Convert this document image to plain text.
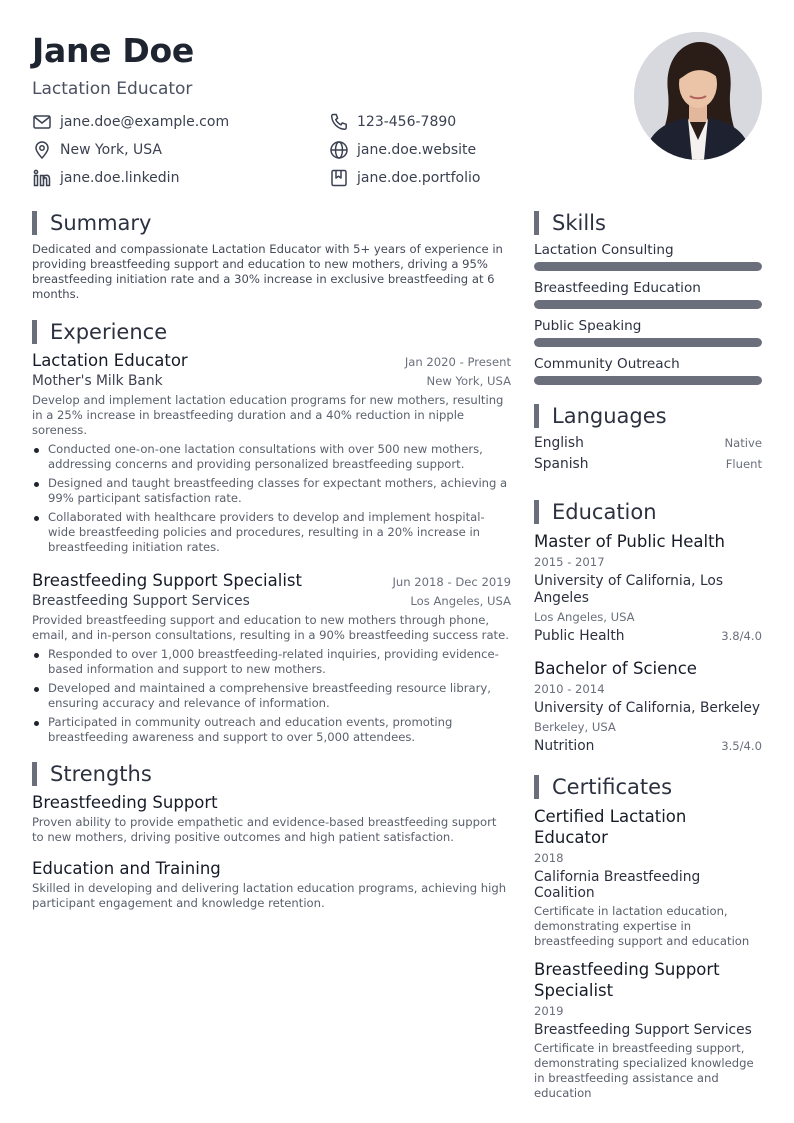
Jane Doe
Lactation Educator
jane.doe@example.com	123-456-7890
New York, USA	jane.doe.website
jane.doe.linkedin	jane.doe.portfolio
Summary

Dedicated and compassionate Lactation Educator with 5+ years of experience in providing breastfeeding support and education to new mothers, driving a 95% breastfeeding initiation rate and a 30% increase in exclusive breastfeeding at 6 months.

Experience
Lactation Educator	Jan 2020 - Present
Mother's Milk Bank	New York, USA

Develop and implement lactation education programs for new mothers, resulting in a 25% increase in breastfeeding duration and a 40% reduction in nipple soreness.

Conducted one-on-one lactation consultations with over 500 new mothers, addressing concerns and providing personalized breastfeeding support.
Designed and taught breastfeeding classes for expectant mothers, achieving a 99% participant satisfaction rate.
Collaborated with healthcare providers to develop and implement hospital-wide breastfeeding policies and procedures, resulting in a 20% increase in breastfeeding initiation rates.
Breastfeeding Support Specialist	Jun 2018 - Dec 2019
Breastfeeding Support Services	Los Angeles, USA

Provided breastfeeding support and education to new mothers through phone, email, and in-person consultations, resulting in a 90% breastfeeding success rate.

Responded to over 1,000 breastfeeding-related inquiries, providing evidence-based information and support to new mothers.
Developed and maintained a comprehensive breastfeeding resource library, ensuring accuracy and relevance of information.
Participated in community outreach and education events, promoting breastfeeding awareness and support to over 5,000 attendees.
Strengths
Breastfeeding Support

Proven ability to provide empathetic and evidence-based breastfeeding support to new mothers, driving positive outcomes and high patient satisfaction.

Education and Training

Skilled in developing and delivering lactation education programs, achieving high participant engagement and knowledge retention.

Skills
Lactation Consulting
Breastfeeding Education
Public Speaking
Community Outreach
Languages
English	Native
Spanish	Fluent
Education
Master of Public Health
2015 - 2017
University of California, Los Angeles
Los Angeles, USA
Public Health	3.8/4.0
Bachelor of Science
2010 - 2014
University of California, Berkeley
Berkeley, USA
Nutrition	3.5/4.0
Certificates
Certified Lactation Educator
2018
California Breastfeeding Coalition

Certificate in lactation education, demonstrating expertise in breastfeeding support and education

Breastfeeding Support Specialist
2019
Breastfeeding Support Services

Certificate in breastfeeding support, demonstrating specialized knowledge in breastfeeding assistance and education
